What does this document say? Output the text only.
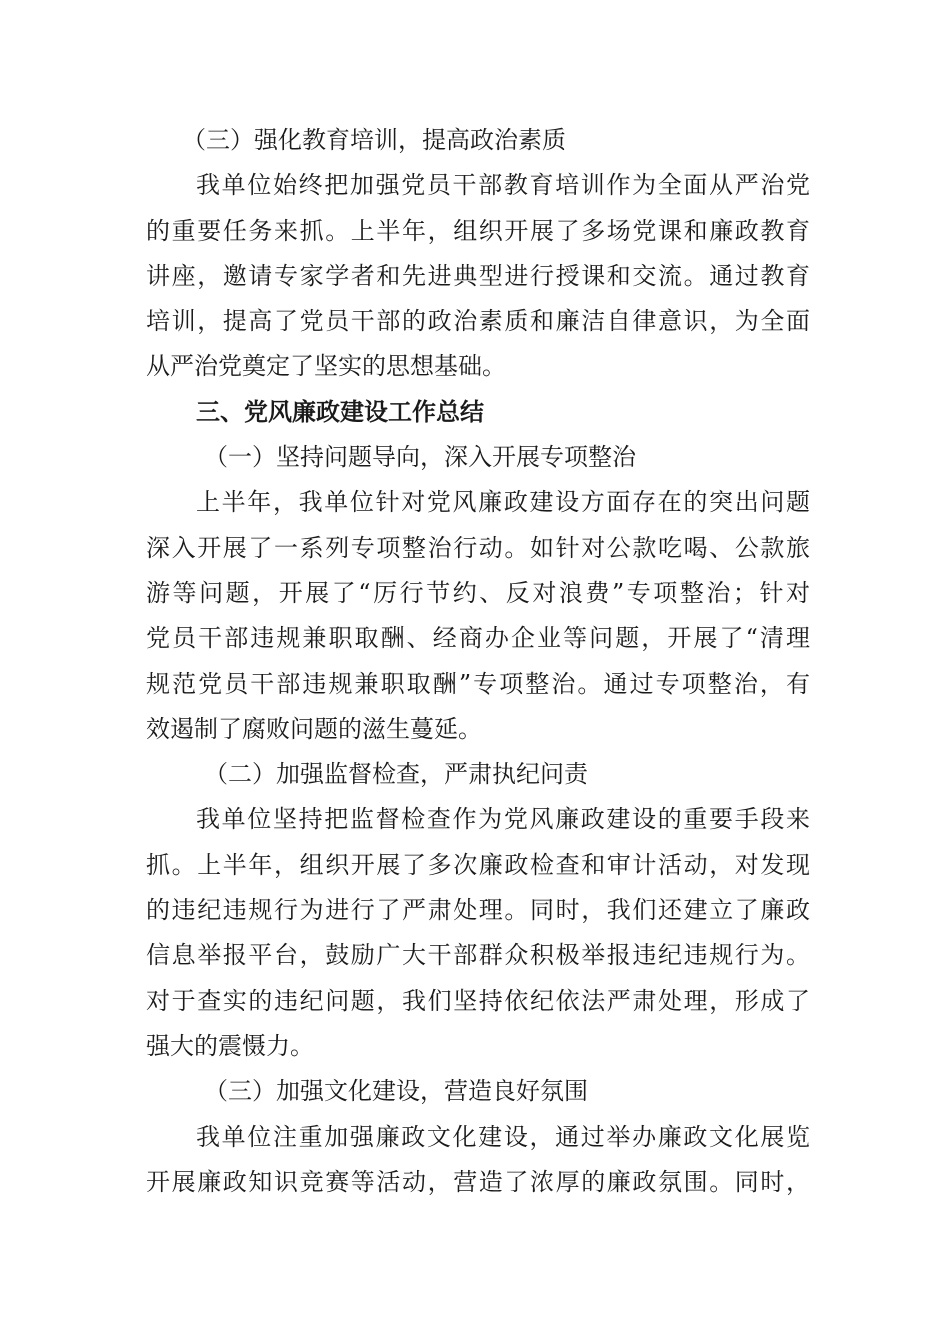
（三）强化教育培训，提高政治素质
我单位始终把加强党员干部教育培训作为全面从严治党
的重要任务来抓。上半年，组织开展了多场党课和廉政教育
讲座，邀请专家学者和先进典型进行授课和交流。通过教育
培训，提高了党员干部的政治素质和廉洁自律意识，为全面
从严治党奠定了坚实的思想基础。
三、党风廉政建设工作总结
（一）坚持问题导向，深入开展专项整治
上半年，我单位针对党风廉政建设方面存在的突出问题
深入开展了一系列专项整治行动。如针对公款吃喝、公款旅
游等问题，开展了“厉行节约、反对浪费”专项整治；针对
党员干部违规兼职取酬、经商办企业等问题，开展了“清理
规范党员干部违规兼职取酬”专项整治。通过专项整治，有
效遏制了腐败问题的滋生蔓延。
（二）加强监督检查，严肃执纪问责
我单位坚持把监督检查作为党风廉政建设的重要手段来
抓。上半年，组织开展了多次廉政检查和审计活动，对发现
的违纪违规行为进行了严肃处理。同时，我们还建立了廉政
信息举报平台，鼓励广大干部群众积极举报违纪违规行为。
对于查实的违纪问题，我们坚持依纪依法严肃处理，形成了
强大的震慑力。
（三）加强文化建设，营造良好氛围
我单位注重加强廉政文化建设，通过举办廉政文化展览
开展廉政知识竞赛等活动，营造了浓厚的廉政氛围。同时，
